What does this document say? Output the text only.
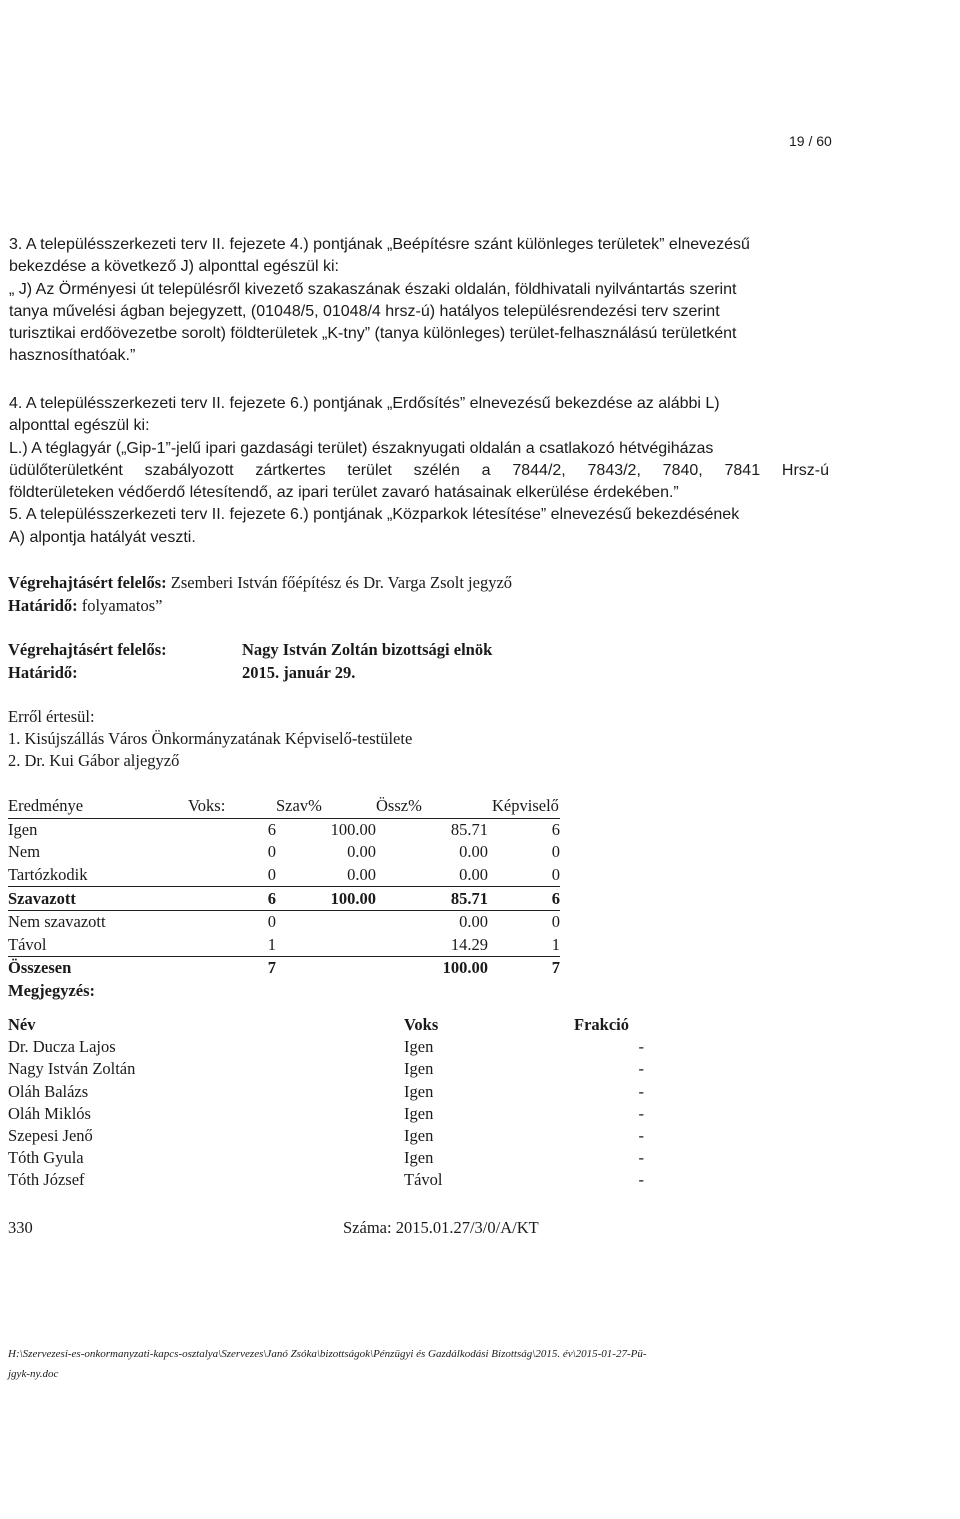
19 / 60
3. A településszerkezeti terv II. fejezete 4.) pontjának „Beépítésre szánt különleges területek” elnevezésű
bekezdése a következő J) alponttal egészül ki:
„ J) Az Örményesi út településről kivezető szakaszának északi oldalán, földhivatali nyilvántartás szerint
tanya művelési ágban bejegyzett, (01048/5, 01048/4 hrsz-ú) hatályos településrendezési terv szerint
turisztikai erdőövezetbe sorolt) földterületek „K-tny” (tanya különleges) terület-felhasználású területként
hasznosíthatóak.”
4. A településszerkezeti terv II. fejezete 6.) pontjának „Erdősítés” elnevezésű bekezdése az alábbi L)
alponttal egészül ki:
L.) A téglagyár („Gip-1”-jelű ipari gazdasági terület) északnyugati oldalán a csatlakozó hétvégiházas
üdülőterületként szabályozott zártkertes terület szélén a 7844/2, 7843/2, 7840, 7841 Hrsz-ú
földterületeken védőerdő létesítendő, az ipari terület zavaró hatásainak elkerülése érdekében.”
5. A településszerkezeti terv II. fejezete 6.) pontjának „Közparkok létesítése” elnevezésű bekezdésének
A) alpontja hatályát veszti.
Végrehajtásért felelős: Zsemberi István főépítész és Dr. Varga Zsolt jegyző
Határidő: folyamatos”
Végrehajtásért felelős:	Nagy István Zoltán bizottsági elnök
Határidő:	2015. január 29.
Erről értesül:
1. Kisújszállás Város Önkormányzatának Képviselő-testülete
2. Dr. Kui Gábor aljegyző
Eredménye	Voks:	Szav%	Össz%	Képviselő
Igen	6	100.00	85.71	6
Nem	0	0.00	0.00	0
Tartózkodik	0	0.00	0.00	0
Szavazott	6	100.00	85.71	6
Nem szavazott	0		0.00	0
Távol	1		14.29	1
Összesen	7		100.00	7
Megjegyzés:				
Név	Voks	Frakció
Dr. Ducza Lajos	Igen	-
Nagy István Zoltán	Igen	-
Oláh Balázs	Igen	-
Oláh Miklós	Igen	-
Szepesi Jenő	Igen	-
Tóth Gyula	Igen	-
Tóth József	Távol	-
330	Száma: 2015.01.27/3/0/A/KT
H:\Szervezesi-es-onkormanyzati-kapcs-osztalya\Szervezes\Janó Zsóka\bizottságok\Pénzügyi és Gazdálkodási Bizottság\2015. év\2015-01-27-Pü-
jgyk-ny.doc
